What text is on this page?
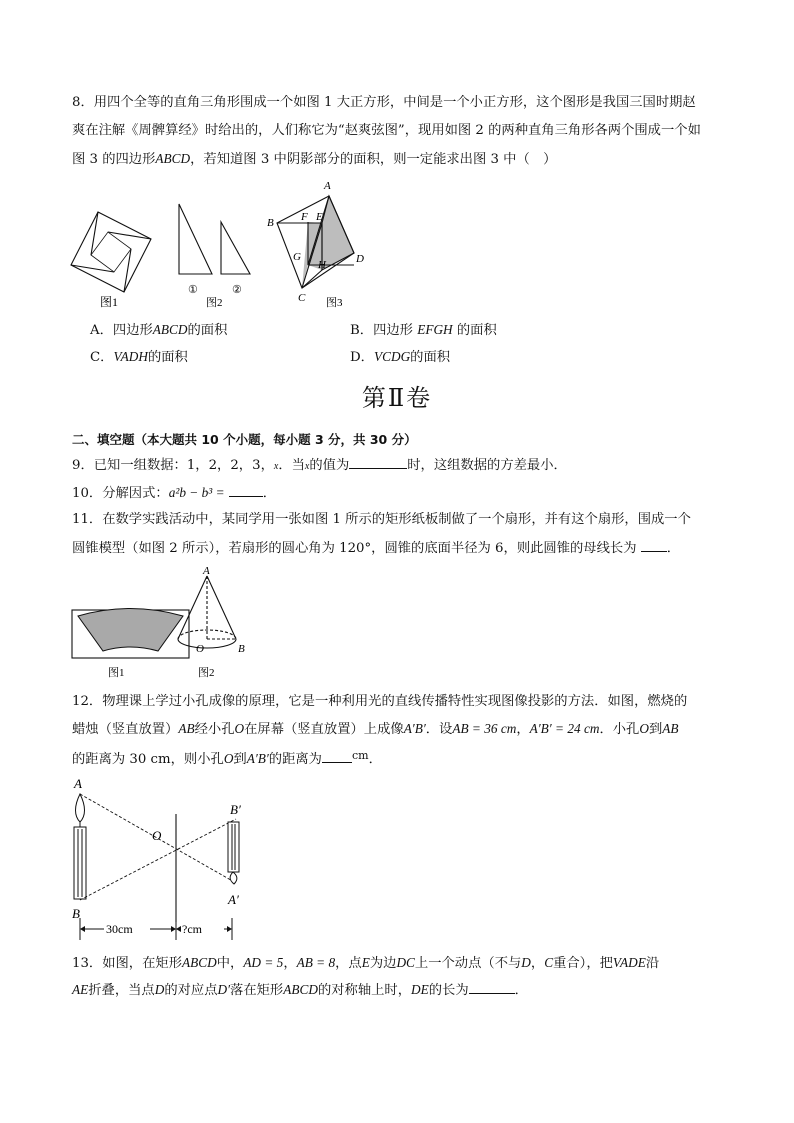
8．用四个全等的直角三角形围成一个如图 1 大正方形，中间是一个小正方形，这个图形是我国三国时期赵
爽在注解《周髀算经》时给出的，人们称它为“赵爽弦图”，现用如图 2 的两种直角三角形各两个围成一个如
图 3 的四边形ABCD，若知道图 3 中阴影部分的面积，则一定能求出图 3 中（　）
图1
①	②
图2
A
B
C
D
E
F
G
H
图3
A．四边形ABCD的面积	B．四边形 EFGH 的面积
C．VADH的面积	D．VCDG的面积
第Ⅱ卷
二、填空题（本大题共 10 个小题，每小题 3 分，共 30 分）
9．已知一组数据：1，2，2，3，x．当x的值为	时，这组数据的方差最小．
10．分解因式：a²b − b³ =	．
11．在数学实践活动中，某同学用一张如图 1 所示的矩形纸板制做了一个扇形，并有这个扇形，围成一个
圆锥模型（如图 2 所示），若扇形的圆心角为 120°，圆锥的底面半径为 6，则此圆锥的母线长为 ．
图1
A
O	B
图2
12．物理课上学过小孔成像的原理，它是一种利用光的直线传播特性实现图像投影的方法．如图，燃烧的
蜡烛（竖直放置）AB经小孔O在屏幕（竖直放置）上成像A′B′．设AB = 36 cm，A′B′ = 24 cm．小孔O到AB
的距离为 30 cm，则小孔O到A′B′的距离为	$^{cm}$．
A
B
O
B′
A′
30cm	?cm
13．如图，在矩形ABCD中，AD = 5，AB = 8，点E为边DC上一个动点（不与D，C重合），把VADE沿
AE折叠，当点D的对应点D′落在矩形ABCD的对称轴上时，DE的长为	．
